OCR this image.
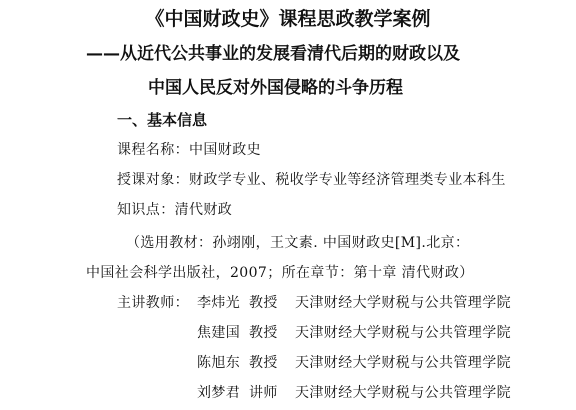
《中国财政史》课程思政教学案例
——从近代公共事业的发展看清代后期的财政以及
中国人民反对外国侵略的斗争历程
一、基本信息
课程名称：中国财政史
授课对象：财政学专业、税收学专业等经济管理类专业本科生
知识点：清代财政
（选用教材：孙翊刚，王文素. 中国财政史[M].北京：
中国社会科学出版社，2007；所在章节：第十章 清代财政）
主讲教师： 李炜光 教授 天津财经大学财税与公共管理学院
焦建国 教授 天津财经大学财税与公共管理学院
陈旭东 教授 天津财经大学财税与公共管理学院
刘梦君 讲师 天津财经大学财税与公共管理学院
